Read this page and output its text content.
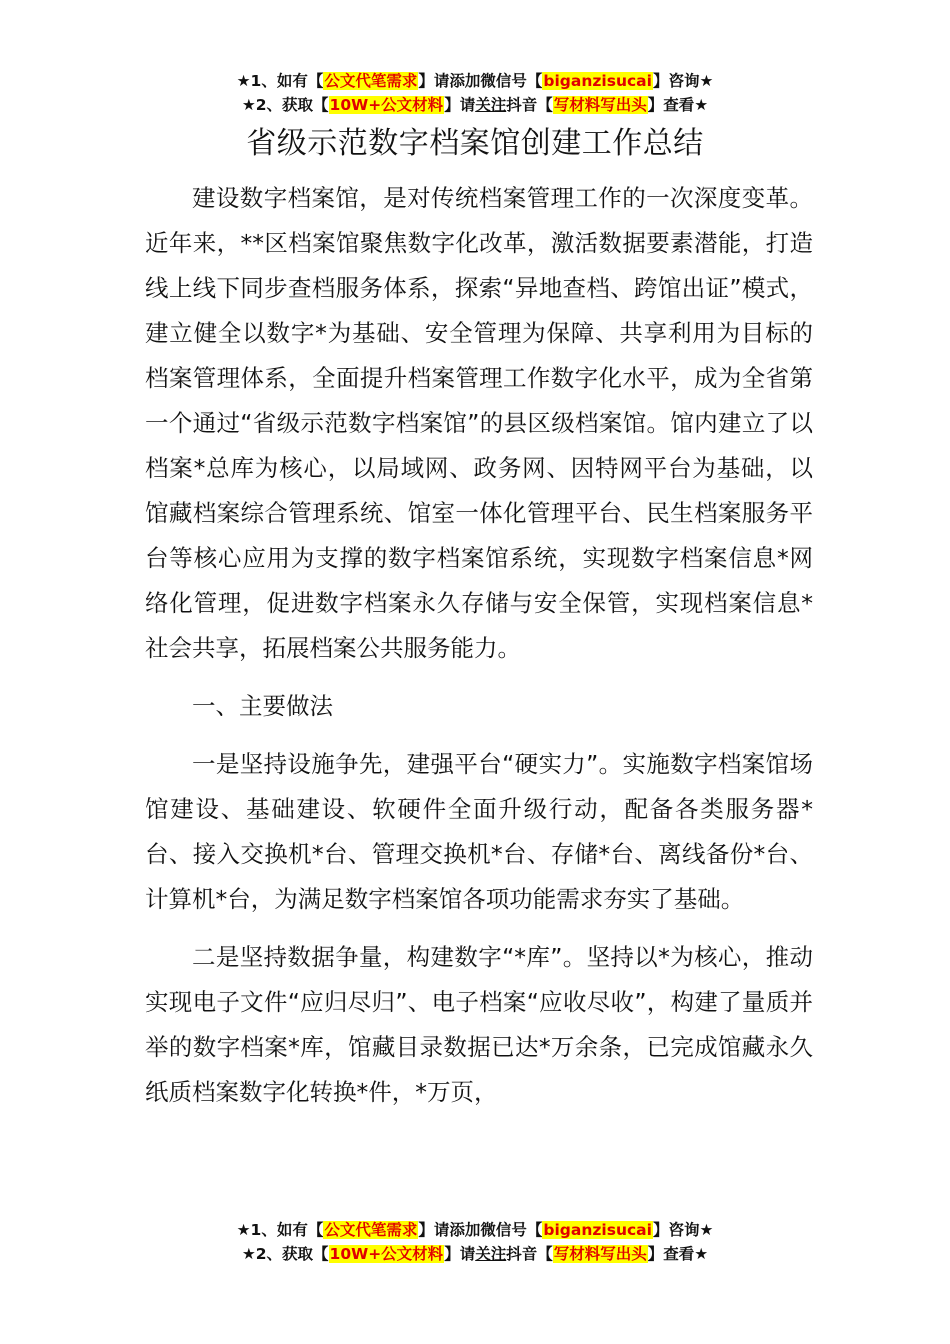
★1、如有【公文代笔需求】请添加微信号【biganzisucai】咨询★
★2、获取【10W+公文材料】请关注抖音【写材料写出头】查看★
省级示范数字档案馆创建工作总结

建设数字档案馆，是对传统档案管理工作的一次深度变革。近年来，**区档案馆聚焦数字化改革，激活数据要素潜能，打造线上线下同步查档服务体系，探索“异地查档、跨馆出证”模式，建立健全以数字*为基础、安全管理为保障、共享利用为目标的档案管理体系，全面提升档案管理工作数字化水平，成为全省第一个通过“省级示范数字档案馆”的县区级档案馆。馆内建立了以档案*总库为核心，以局域网、政务网、因特网平台为基础，以馆藏档案综合管理系统、馆室一体化管理平台、民生档案服务平台等核心应用为支撑的数字档案馆系统，实现数字档案信息*网络化管理，促进数字档案永久存储与安全保管，实现档案信息*社会共享，拓展档案公共服务能力。

一、主要做法

一是坚持设施争先，建强平台“硬实力”。实施数字档案馆场馆建设、基础建设、软硬件全面升级行动，配备各类服务器*台、接入交换机*台、管理交换机*台、存储*台、离线备份*台、计算机*台，为满足数字档案馆各项功能需求夯实了基础。

二是坚持数据争量，构建数字“*库”。坚持以*为核心，推动实现电子文件“应归尽归”、电子档案“应收尽收”，构建了量质并举的数字档案*库，馆藏目录数据已达*万余条，已完成馆藏永久纸质档案数字化转换*件，*万页，

★1、如有【公文代笔需求】请添加微信号【biganzisucai】咨询★
★2、获取【10W+公文材料】请关注抖音【写材料写出头】查看★
